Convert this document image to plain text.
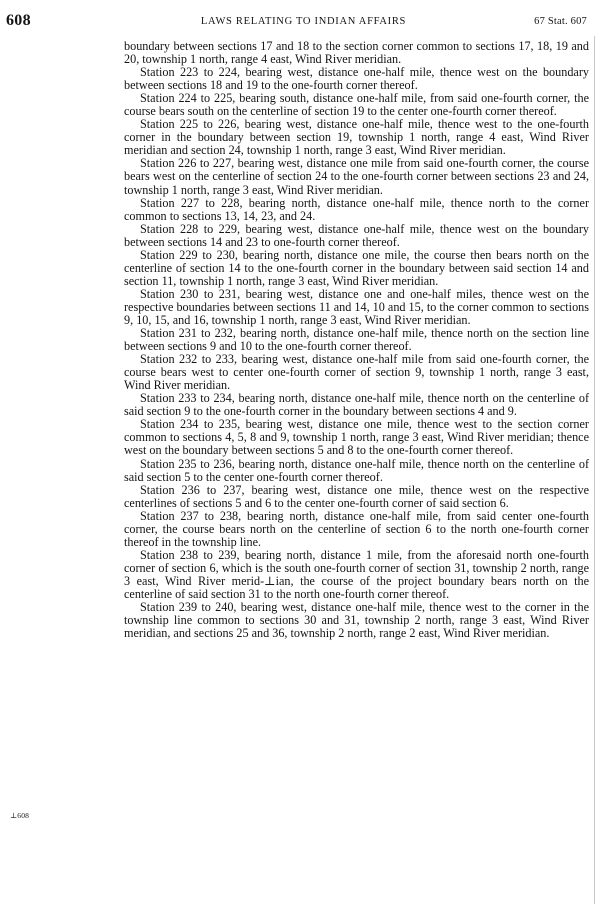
608	LAWS RELATING TO INDIAN AFFAIRS	67 Stat. 607
⊥608

boundary between sections 17 and 18 to the section corner common to sections 17, 18, 19 and 20, township 1 north, range 4 east, Wind River meridian.

Station 223 to 224, bearing west, distance one-half mile, thence west on the boundary between sections 18 and 19 to the one-fourth corner thereof.

Station 224 to 225, bearing south, distance one-half mile, from said one-fourth corner, the course bears south on the centerline of section 19 to the center one-fourth corner thereof.

Station 225 to 226, bearing west, distance one-half mile, thence west to the one-fourth corner in the boundary between section 19, township 1 north, range 4 east, Wind River meridian and section 24, township 1 north, range 3 east, Wind River meridian.

Station 226 to 227, bearing west, distance one mile from said one-fourth corner, the course bears west on the centerline of section 24 to the one-fourth corner between sections 23 and 24, township 1 north, range 3 east, Wind River meridian.

Station 227 to 228, bearing north, distance one-half mile, thence north to the corner common to sections 13, 14, 23, and 24.

Station 228 to 229, bearing west, distance one-half mile, thence west on the boundary between sections 14 and 23 to one-fourth corner thereof.

Station 229 to 230, bearing north, distance one mile, the course then bears north on the centerline of section 14 to the one-fourth corner in the boundary between said section 14 and section 11, township 1 north, range 3 east, Wind River meridian.

Station 230 to 231, bearing west, distance one and one-half miles, thence west on the respective boundaries between sections 11 and 14, 10 and 15, to the corner common to sections 9, 10, 15, and 16, township 1 north, range 3 east, Wind River meridian.

Station 231 to 232, bearing north, distance one-half mile, thence north on the section line between sections 9 and 10 to the one-fourth corner thereof.

Station 232 to 233, bearing west, distance one-half mile from said one-fourth corner, the course bears west to center one-fourth corner of section 9, township 1 north, range 3 east, Wind River meridian.

Station 233 to 234, bearing north, distance one-half mile, thence north on the centerline of said section 9 to the one-fourth corner in the boundary between sections 4 and 9.

Station 234 to 235, bearing west, distance one mile, thence west to the section corner common to sections 4, 5, 8 and 9, township 1 north, range 3 east, Wind River meridian; thence west on the boundary between sections 5 and 8 to the one-fourth corner thereof.

Station 235 to 236, bearing north, distance one-half mile, thence north on the centerline of said section 5 to the center one-fourth corner thereof.

Station 236 to 237, bearing west, distance one mile, thence west on the respective centerlines of sections 5 and 6 to the center one-fourth corner of said section 6.

Station 237 to 238, bearing north, distance one-half mile, from said center one-fourth corner, the course bears north on the centerline of section 6 to the north one-fourth corner thereof in the township line.

Station 238 to 239, bearing north, distance 1 mile, from the aforesaid north one-fourth corner of section 6, which is the south one-fourth corner of section 31, township 2 north, range 3 east, Wind River merid-⊥ian, the course of the project boundary bears north on the centerline of said section 31 to the north one-fourth corner thereof.

Station 239 to 240, bearing west, distance one-half mile, thence west to the corner in the township line common to sections 30 and 31, township 2 north, range 3 east, Wind River meridian, and sections 25 and 36, township 2 north, range 2 east, Wind River meridian.
